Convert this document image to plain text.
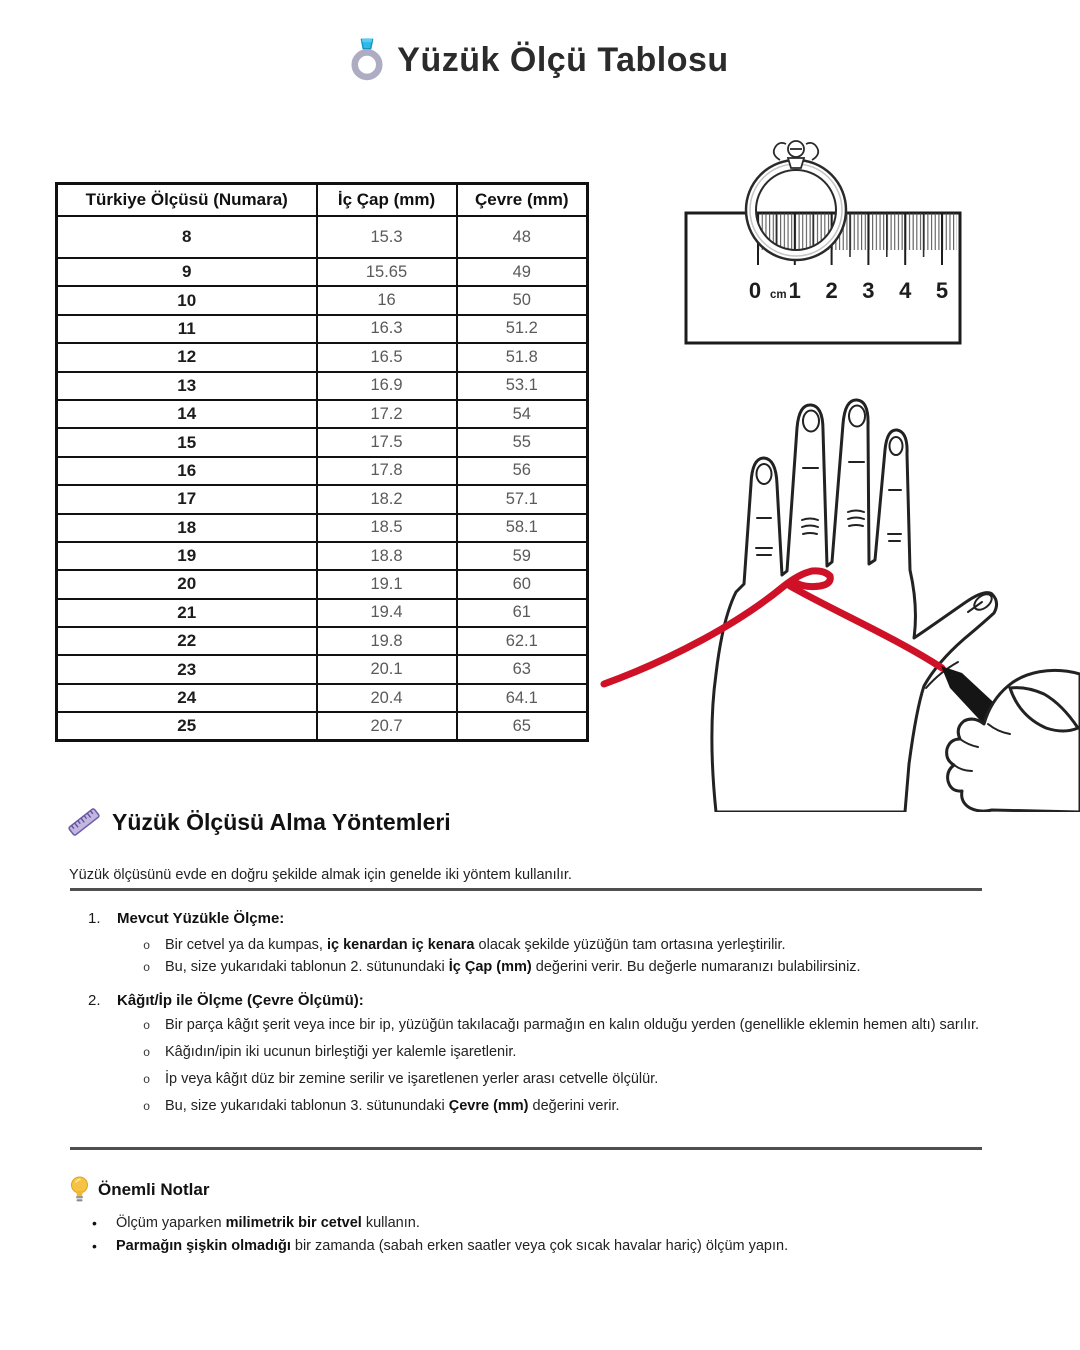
Yüzük Ölçü Tablosu
Türkiye Ölçüsü (Numara)	İç Çap (mm)	Çevre (mm)
8	15.3	48
9	15.65	49
10	16	50
11	16.3	51.2
12	16.5	51.8
13	16.9	53.1
14	17.2	54
15	17.5	55
16	17.8	56
17	18.2	57.1
18	18.5	58.1
19	18.8	59
20	19.1	60
21	19.4	61
22	19.8	62.1
23	20.1	63
24	20.4	64.1
25	20.7	65
0 cm 1 2 3 4 5
Yüzük Ölçüsü Alma Yöntemleri

Yüzük ölçüsünü evde en doğru şekilde almak için genelde iki yöntem kullanılır.

1. Mevcut Yüzükle Ölçme:
o Bir cetvel ya da kumpas, iç kenardan iç kenara olacak şekilde yüzüğün tam ortasına yerleştirilir.
o Bu, size yukarıdaki tablonun 2. sütunundaki İç Çap (mm) değerini verir. Bu değerle numaranızı bulabilirsiniz.
2. Kâğıt/İp ile Ölçme (Çevre Ölçümü):
o Bir parça kâğıt şerit veya ince bir ip, yüzüğün takılacağı parmağın en kalın olduğu yerden (genellikle eklemin hemen altı) sarılır.
o Kâğıdın/ipin iki ucunun birleştiği yer kalemle işaretlenir.
o İp veya kâğıt düz bir zemine serilir ve işaretlenen yerler arası cetvelle ölçülür.
o Bu, size yukarıdaki tablonun 3. sütunundaki Çevre (mm) değerini verir.
Önemli Notlar
• Ölçüm yaparken milimetrik bir cetvel kullanın.
• Parmağın şişkin olmadığı bir zamanda (sabah erken saatler veya çok sıcak havalar hariç) ölçüm yapın.
